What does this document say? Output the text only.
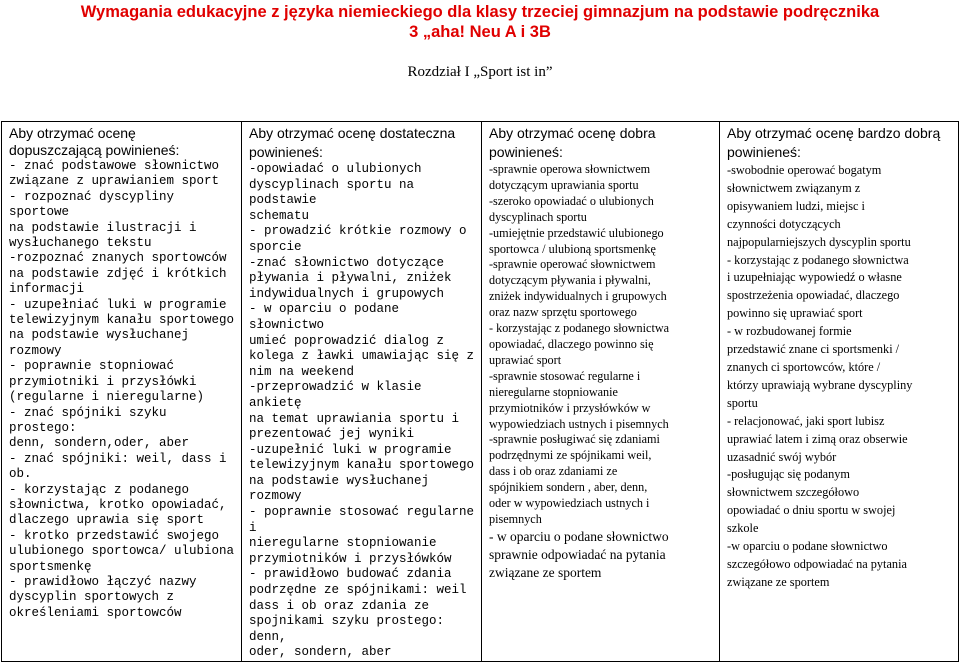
Wymagania edukacyjne z języka niemieckiego dla klasy trzeciej gimnazjum na podstawie podręcznika
3 „aha! Neu A i 3B
Rozdział I „Sport ist in”
Aby otrzymać ocenę
dopuszczającą powinieneś:
- znać podstawowe słownictwo
związane z uprawianiem sport
- rozpoznać dyscypliny sportowe
na podstawie ilustracji i
wysłuchanego tekstu
-rozpoznać znanych sportowców
na podstawie zdjęć i krótkich
informacji
- uzupełniać luki w programie
telewizyjnym kanału sportowego
na podstawie wysłuchanej
rozmowy
- poprawnie stopniować
przymiotniki i przysłówki
(regularne i nieregularne)
- znać spójniki szyku prostego:
denn, sondern,oder, aber
- znać spójniki: weil, dass i ob.
- korzystając z podanego
słownictwa, krotko opowiadać,
dlaczego uprawia się sport
- krotko przedstawić swojego
ulubionego sportowca/ ulubiona
sportsmenkę
- prawidłowo łączyć nazwy
dyscyplin sportowych z
określeniami sportowców

Aby otrzymać ocenę dostateczna
powinieneś:
-opowiadać o ulubionych
dyscyplinach sportu na podstawie
schematu
- prowadzić krótkie rozmowy o
sporcie
-znać słownictwo dotyczące
pływania i pływalni, zniżek
indywidualnych i grupowych
- w oparciu o podane słownictwo
umieć poprowadzić dialog z
kolega z ławki umawiając się z
nim na weekend
-przeprowadzić w klasie ankietę
na temat uprawiania sportu i
prezentować jej wyniki
-uzupełnić luki w programie
telewizyjnym kanału sportowego
na podstawie wysłuchanej
rozmowy
- poprawnie stosować regularne i
nieregularne stopniowanie
przymiotników i przysłówków
- prawidłowo budować zdania
podrzędne ze spójnikami: weil
dass i ob oraz zdania ze
spojnikami szyku prostego: denn,
oder, sondern, aber

Aby otrzymać ocenę dobra
powinieneś:
-sprawnie operowa słownictwem
dotyczącym uprawiania sportu
-szeroko opowiadać o ulubionych
dyscyplinach sportu
-umiejętnie przedstawić ulubionego
sportowca / ulubioną sportsmenkę
-sprawnie operować słownictwem
dotyczącym pływania i pływalni,
zniżek indywidualnych i grupowych
oraz nazw sprzętu sportowego
- korzystając z podanego słownictwa
opowiadać, dlaczego powinno się
uprawiać sport
-sprawnie stosować regularne i
nieregularne stopniowanie
przymiotników i przysłówków w
wypowiedziach ustnych i pisemnych
-sprawnie posługiwać się zdaniami
podrzędnymi ze spójnikami weil,
dass i ob oraz zdaniami ze
spójnikiem sondern , aber, denn,
oder w wypowiedziach ustnych i
pisemnych
- w oparciu o podane słownictwo
sprawnie odpowiadać na pytania
związane ze sportem

Aby otrzymać ocenę bardzo dobrą
powinieneś:
-swobodnie operować bogatym
słownictwem związanym z
opisywaniem ludzi, miejsc i
czynności dotyczących
najpopularniejszych dyscyplin sportu
- korzystając z podanego słownictwa
i uzupełniając wypowiedź o własne
spostrzeżenia opowiadać, dlaczego
powinno się uprawiać sport
- w rozbudowanej formie
przedstawić znane ci sportsmenki /
znanych ci sportowców, które /
którzy uprawiają wybrane dyscypliny
sportu
- relacjonować, jaki sport lubisz
uprawiać latem i zimą oraz obserwie
uzasadnić swój wybór
-posługując się podanym
słownictwem szczegółowo
opowiadać o dniu sportu w swojej
szkole
-w oparciu o podane słownictwo
szczegółowo odpowiadać na pytania
związane ze sportem
